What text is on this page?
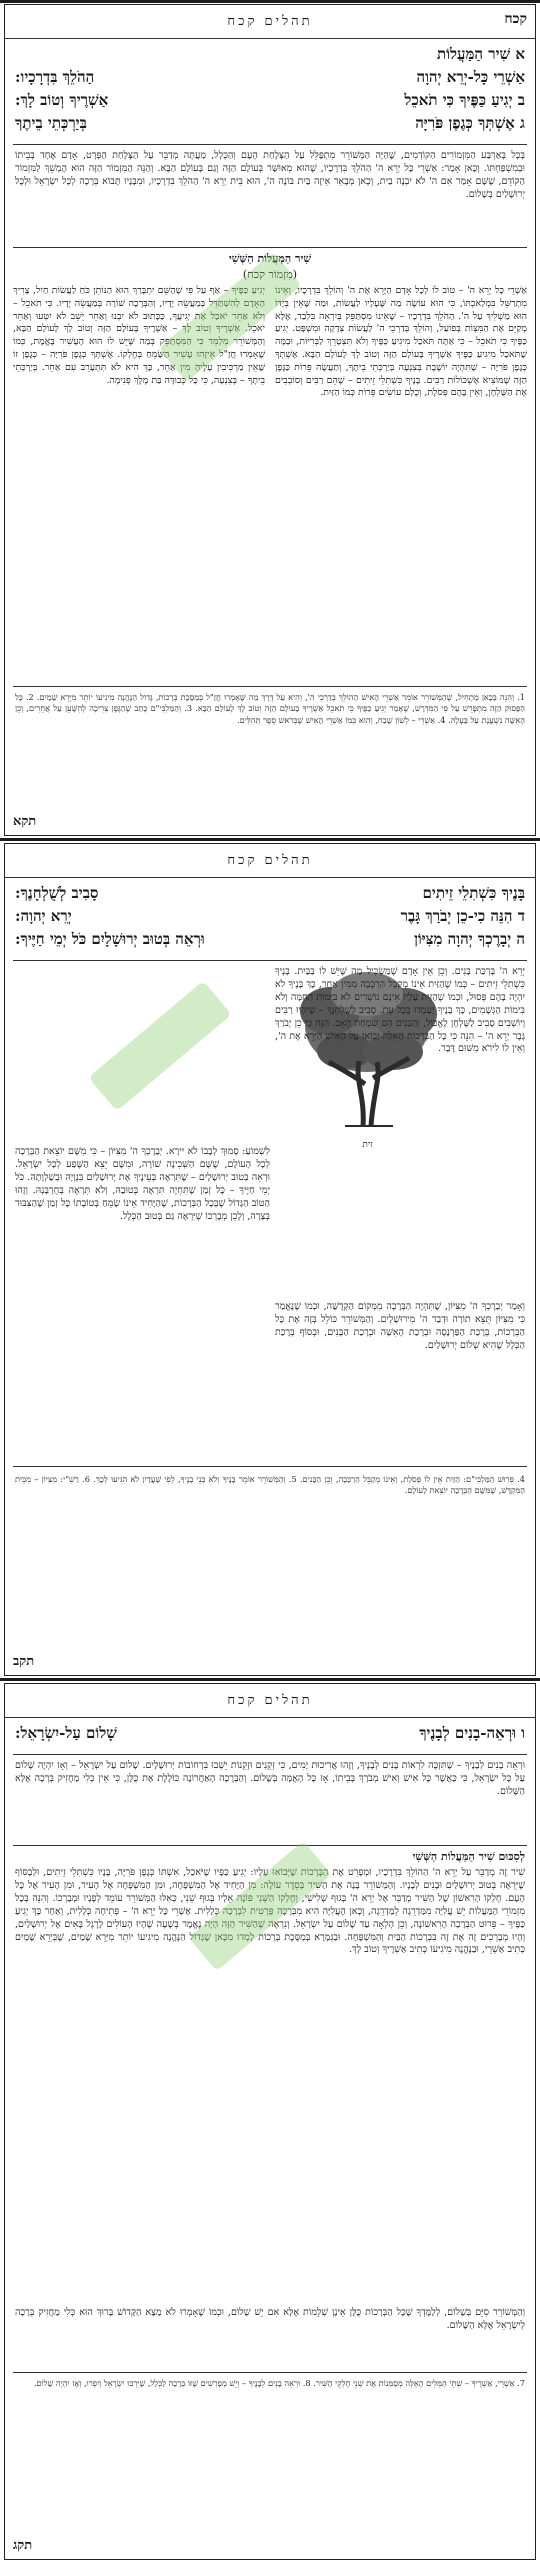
תהלים קכח	קכח
א שִׁיר הַמַּעֲלוֹת
אַשְׁרֵי כָּל-יְרֵא יְהוָה
הַהֹלֵךְ בִּדְרָכָיו:
ב יְגִיעַ כַּפֶּיךָ כִּי תֹאכֵל
אַשְׁרֶיךָ וְטוֹב לָךְ:
ג אֶשְׁתְּךָ כְּגֶפֶן פֹּרִיָּה
בְּיַרְכְּתֵי בֵיתֶךָ
בְּכָל בְּאַרְבַּע הַמִּזְמוֹרִים הַקּוֹדְמִים, שֶׁהַיָּה הַמְּשׁוֹרֵר מִתְפַּלֵּל עַל הַצְּלָחַת הָעָם וְהַכְּלָל, מַעֲתָּה מְדַבֵּר עַל הַצְּלָחַת הַפְּרָט, אָדָם אֶחָד בְּבֵיתוֹ וּבְמִשְׁפַּחְתּוֹ. וְכָּאן אָמַר: אַשְׁרֵי כָּל יְרֵא ה' הַהֹלֵךְ בִּדְרָכָיו, שֶׁהוּא מְאוּשָּׁר בְּעוֹלָם הַזֶּה וְגַם בָּעוֹלָם הַבָּא. וְהַנֵּה הַמִּזְמוֹר הַזֶּה הוּא הֶמְשֵׁךְ לַמִּזְמוֹר הַקּוֹדֵם, שֶׁשָּׁם אָמַר אִם ה' לֹא יִבְנֶה בַיִת, וְכָאן מְבָאֵר אֵיזֶה בַּיִת בּוֹנֶה ה', הוּא בֵּית יְרֵא ה' הַהֹלֵךְ בִּדְרָכָיו, וּמִבָּנָיו תָּבוֹא בְּרָכָה לְכָל יִשְׂרָאֵל וּלְכָל יְרוּשָׁלַיִם בְּשָׁלוֹם.
שִׁיר הַמַּעֲלוֹת הַשְּׁשִׁי
(מִזְמוֹר קכח)
אַשְׁרֵי כָּל יְרֵא ה' – טוֹב לוֹ לְכָל אָדָם הַיָּרֵא אֶת ה' וְהוֹלֵךְ בִּדְרָכָיו, וְאֵינוֹ מִתְרַשֵּׁל בִּמְלַאכְתּוֹ, כִּי הוּא עוֹשֶׂה מַה שֶּׁעָלָיו לַעֲשׂוֹת, וּמַה שֶּׁאֵין בְּיָדוֹ הוּא מַשְׁלִיךְ עַל ה'. הַהֹלֵךְ בִּדְרָכָיו – שֶׁאֵינוֹ מִסְתַּפֵּק בְּיִרְאָה בִּלְבַד, אֶלָּא מְקַיֵּם אֶת הַמִּצְוֹת בְּפוֹעַל, וְהוֹלֵךְ בְּדַרְכֵי ה' לַעֲשׂוֹת צְדָקָה וּמִשְׁפָּט. יְגִיעַ כַּפֶּיךָ כִּי תֹאכֵל – כִּי אַתָּה תֹּאכַל מִיגִיעַ כַּפֶּיךָ וְלֹא תִּצְטָרֵךְ לַבְּרִיּוֹת, וּבַמֶּה שֶׁתֹּאכַל מִיגִיעַ כַּפֶּיךָ אַשְׁרֶיךָ בָּעוֹלָם הַזֶּה וְטוֹב לָךְ לָעוֹלָם הַבָּא. אֶשְׁתְּךָ כְּגֶפֶן פֹּרִיָּה – שֶׁתִּהְיֶה יוֹשֶׁבֶת בְּצִנְעָה בְּיַרְכְּתֵי בֵיתֶךָ, וְתַעֲשֶׂה פֵּרוֹת כַּגֶּפֶן הַזֶּה שֶׁמּוֹצִיא אֶשְׁכּוֹלוֹת רַבִּים. בָּנֶיךָ כִּשְׁתִלֵי זֵיתִים – שֶׁהֵם רַבִּים וְסוֹבְבִים אֶת הַשֻּׁלְחָן, וְאֵין בָּהֶם פְּסֹלֶת, וְכֻלָּם עוֹשִׂים פֵּרוֹת כְּמוֹ הַזַּיִת.
יְגִיעַ כַּפֶּיךָ – אַף עַל פִּי שֶׁהַשֵּׁם יִתְבָּרַךְ הוּא הַנּוֹתֵן כֹּחַ לַעֲשׂוֹת חַיִל, צָרִיךְ הָאָדָם לְהִשְׁתַּדֵּל בְּמַעֲשֵׂה יָדָיו, וְהַבְּרָכָה שׁוֹרָה בְּמַעֲשֵׂה יָדָיו. כִּי תֹאכֵל – וְלֹא אַחֵר יֹאכַל אֶת יְגִיעֲךָ, כַּכָּתוּב לֹא יִבְנוּ וְאַחֵר יֵשֵׁב לֹא יִטְּעוּ וְאַחֵר יֹאכֵל. אַשְׁרֶיךָ וְטוֹב לָךְ – אַשְׁרֶיךָ בָּעוֹלָם הַזֶּה וְטוֹב לָךְ לָעוֹלָם הַבָּא, וְהַמְּשׁוֹרֵר מְלַמֵּד כִּי הַמִּסְתַּפֵּק בְּמַה שֶּׁיֵּשׁ לוֹ הוּא הָעָשִׁיר בֶּאֱמֶת, כְּמוֹ שֶׁאָמְרוּ חֲזַ"ל אֵיזֶהוּ עָשִׁיר הַשָּׂמֵחַ בְּחֶלְקוֹ. אֶשְׁתְּךָ כְּגֶפֶן פֹּרִיָּה – כְּגֶפֶן זוֹ שֶׁאֵין מַרְכִּיבִין עָלֶיהָ מִין אַחֵר, כָּךְ הִיא לֹא תִּתְעָרֵב עִם אַחֵר. בְּיַרְכְּתֵי בֵיתֶךָ – בְּצִנְעָה, כִּי כָּל כְּבוּדָּה בַּת מֶלֶךְ פְּנִימָה.
1. וְהִנֵּה בְּכָאן מַתְחִיל, שֶׁהַמְּשׁוֹרֵר אוֹמֵר אַשְׁרֵי הָאִישׁ הַהוֹלֵךְ בְּדַרְכֵי ה', וְהִיא עַל דֶּרֶךְ מַה שֶּׁאָמְרוּ חֲזַ"ל בְּמַסֶּכֶת בְּרָכוֹת, גָּדוֹל הַנֶּהֱנֶה מִיגִיעוֹ יוֹתֵר מִיְּרֵא שָׁמַיִם. 2. כָּל הַפָּסוּק הַזֶּה מִתְפָּרֵשׁ עַל פִּי הַמִּדְרָשׁ, שֶׁאָמַר יְגִיעַ כַּפֶּיךָ כִּי תֹאכֵל אַשְׁרֶיךָ בָּעוֹלָם הַזֶּה וְטוֹב לָךְ לָעוֹלָם הַבָּא. 3. וְהַמַּלְבִּי"ם כָּתַב שֶׁהַגֶּפֶן צְרִיכָה לְהִשָּׁעֵן עַל אֲחֵרִים, וְכֵן הָאִשָּׁה נִשְׁעֶנֶת עַל בַּעְלָהּ. 4. אַשְׁרֵי – לְשׁוֹן שֶׁבַח, וְהוּא כְּמוֹ אַשְׁרֵי הָאִישׁ שֶׁבְּרֹאשׁ סֵפֶר תְּהִלִּים.
תקא
תהלים קכח
בָּנֶיךָ כִּשְׁתִלֵי זֵיתִים
סָבִיב לְשֻׁלְחָנֶךָ:
ד הִנֵּה כִי-כֵן יְבֹרַךְ גָּבֶר
יְרֵא יְהוָה:
ה יְבָרֶכְךָ יְהוָה מִצִּיּוֹן
וּרְאֵה בְּטוּב יְרוּשָׁלָיִם כֹּל יְמֵי חַיֶּיךָ:
זית
יְרֵא ה' בָּרְכַּת בָּנִים. וְכֵן אֵין אָדָם שֶׁמַּשְׂכִּיל מַה שֶּׁיֵּשׁ לוֹ בַּבַּיִת. בָּנֶיךָ כִּשְׁתִלֵי זֵיתִים – כְּמוֹ שֶׁהַזַּיִת אֵינוֹ מְקַבֵּל הַרְכָּבָה מִמִּין אַחֵר, כָּךְ בָּנֶיךָ לֹא יִהְיֶה בָּהֶם פְּסוּל, וּכְמוֹ שֶׁהַזַּיִת עָלָיו אֵינָם נוֹשְׁרִים לֹא בִּימוֹת הַחַמָּה וְלֹא בִּימוֹת הַגְּשָׁמִים, כָּךְ בָּנֶיךָ יַעַמְדוּ בְּכָל עֵת. סָבִיב לְשֻׁלְחָנֶךָ – שֶׁיִּהְיוּ רַבִּים וְיוֹשְׁבִים סָבִיב לַשֻּׁלְחָן לֶאֱכוֹל, וְהַבָּנִים הֵם שִׂמְחַת הָאָב. הִנֵּה כִי כֵן יְבֹרַךְ גָּבֶר יְרֵא ה' – הִנֵּה כִּי כָּל הַבְּרָכוֹת הָאֵלֶּה יָבוֹאוּ עַל הָאִישׁ הַיָּרֵא אֶת ה', וְאֵין לוֹ לִירֹא מִשּׁוּם דָּבָר.
לִשְׁמוֹעַ: סָמוּךְ לְבָבוֹ לֹא יִירָא. יְבָרֶכְךָ ה' מִצִּיּוֹן – כִּי מִשָּׁם יוֹצֵאת הַבְּרָכָה לְכָל הָעוֹלָם, שֶׁשָּׁם הַשְּׁכִינָה שׁוֹרָה, וּמִשָּׁם יֵצֵא הַשֶּׁפַע לְכָל יִשְׂרָאֵל. וּרְאֵה בְּטוּב יְרוּשָׁלָיִם – שֶׁתִּרְאֶה בְּעֵינֶיךָ אֶת יְרוּשָׁלַיִם בִּנְוָיָהּ וּבְשַׁלְוָתָהּ. כֹּל יְמֵי חַיֶּיךָ – כָּל זְמַן שֶׁתִּחְיֶה תִּרְאֶה בְּטוּבָהּ, וְלֹא תִּרְאֶה בְּחֻרְבָּנָהּ. וְזֶהוּ הַטּוֹב הַגָּדוֹל שֶׁבְּכָל הַבְּרָכוֹת, שֶׁהַיָּחִיד אֵינוֹ שָׂמֵחַ בְּטוֹבָתוֹ כָּל זְמַן שֶׁהַצִּבּוּר בְּצָרָה, וְלָכֵן מְבָרְכוֹ שֶׁיִּרְאֶה גַּם בְּטוּב הַכְּלָל.
וְאָמַר יְבָרֶכְךָ ה' מִצִּיּוֹן, שֶׁתִּהְיֶה הַבְּרָכָה מִמְּקוֹם הַקְּדֻשָּׁה, וּכְמוֹ שֶׁנֶּאֱמַר כִּי מִצִּיּוֹן תֵּצֵא תוֹרָה וּדְבַר ה' מִירוּשָׁלָיִם. וְהַמְּשׁוֹרֵר כּוֹלֵל בְּזֶה אֶת כָּל הַבְּרָכוֹת, בְּרָכַת הַפַּרְנָסָה וּבְרָכַת הָאִשָּׁה וּבְרָכַת הַבָּנִים, וּבְסוֹף בְּרָכַת הַכְּלָל שֶׁהִיא שְׁלוֹם יְרוּשָׁלַיִם.
4. פֵּרוּשׁ הַמַּלְבִּי"ם: הַזַּיִת אֵין לוֹ פְּסֹלֶת, וְאֵינוֹ מְקַבֵּל הַרְכָּבָה, וְכֵן הַבָּנִים. 5. וְהַמְּשׁוֹרֵר אוֹמֵר בָּנֶיךָ וְלֹא בְּנֵי בָנֶיךָ, לְפִי שֶׁעֲדַיִן לֹא הִגִּיעוּ לְכָךְ. 6. רַשִׁ"י: מִצִּיּוֹן – מִבֵּית הַמִּקְדָּשׁ, שֶׁמִּשָּׁם הַבְּרָכָה יוֹצֵאת לָעוֹלָם.
תקב
תהלים קכח
ו וּרְאֵה-בָנִים לְבָנֶיךָ
שָׁלוֹם עַל-יִשְׂרָאֵל:
וּרְאֵה בָנִים לְבָנֶיךָ – שֶׁתִּזְכֶּה לִרְאוֹת בָּנִים לְבָנֶיךָ, וְזֶהוּ אֲרִיכוּת יָמִים, כִּי זְקֵנִים וּזְקֵנוֹת יֵשְׁבוּ בִּרְחוֹבוֹת יְרוּשָׁלָיִם. שָׁלוֹם עַל יִשְׂרָאֵל – וְאָז יִהְיֶה שָׁלוֹם עַל כָּל יִשְׂרָאֵל, כִּי כַּאֲשֶׁר כָּל אִישׁ וְאִישׁ מְבֹרָךְ בְּבֵיתוֹ, אָז כָּל הָאֻמָּה בְּשָׁלוֹם. וְהַבְּרָכָה הָאַחֲרוֹנָה כּוֹלֶלֶת אֶת כֻּלָּן, כִּי אֵין כְּלִי מַחֲזִיק בְּרָכָה אֶלָּא הַשָּׁלוֹם.
לְסִכּוּם שִׁיר הַמַּעֲלוֹת הַשְּׁשִׁי
שִׁיר זֶה מְדַבֵּר עַל יְרֵא ה' הַהוֹלֵךְ בִּדְרָכָיו, וּמְפָרֵט אֶת הַבְּרָכוֹת שֶׁיָּבוֹאוּ עָלָיו: יְגִיעַ כַּפָּיו שֶׁיֹּאכַל, אִשְׁתּוֹ כְּגֶפֶן פֹּרִיָּה, בָּנָיו כִּשְׁתִלֵי זֵיתִים, וּלְבַסּוֹף שֶׁיִּרְאֶה בְּטוּב יְרוּשָׁלַיִם וּבָנִים לְבָנָיו. וְהַמְּשׁוֹרֵר בָּנָה אֶת הַשִּׁיר בְּסֵדֶר עוֹלֶה: מִן הַיָּחִיד אֶל הַמִּשְׁפָּחָה, וּמִן הַמִּשְׁפָּחָה אֶל הָעִיר, וּמִן הָעִיר אֶל כָּל הָעָם. חֶלְקוֹ הָרִאשׁוֹן שֶׁל הַשִּׁיר מְדַבֵּר אֶל יְרֵא ה' בְּגוּף שְׁלִישִׁי, וְחֶלְקוֹ הַשֵּׁנִי פּוֹנֶה אֵלָיו בְּגוּף שֵׁנִי, כְּאִלּוּ הַמְּשׁוֹרֵר עוֹמֵד לְפָנָיו וּמְבָרְכוֹ. וְהִנֵּה בְּכָל מִזְמוֹרֵי הַמַּעֲלוֹת יֵשׁ עֲלִיָּה מִמַּדְרֵגָה לְמַדְרֵגָה, וְכָאן הָעֲלִיָּה הִיא מִבְּרָכָה פְּרָטִית לִבְרָכָה כְּלָלִית. אַשְׁרֵי כָּל יְרֵא ה' – פְּתִיחָה כְּלָלִית, וְאַחַר כָּךְ יְגִיעַ כַּפֶּיךָ – פֵּרוּט הַבְּרָכָה הָרִאשׁוֹנָה, וְכֵן הָלְאָה עַד שָׁלוֹם עַל יִשְׂרָאֵל. וְנִרְאֶה שֶׁהַשִּׁיר הַזֶּה הָיָה נֶאֱמָר בְּשָׁעָה שֶׁהָיוּ הָעוֹלִים לָרֶגֶל בָּאִים אֶל יְרוּשָׁלַיִם, וְהָיוּ מְבָרְכִים זֶה אֶת זֶה בִּבְרָכוֹת הַבַּיִת וְהַמִּשְׁפָּחָה. וּבַגְּמָרָא בְּמַסֶּכֶת בְּרָכוֹת לָמְדוּ מִכָּאן שֶׁגָּדוֹל הַנֶּהֱנֶה מִיגִיעוֹ יוֹתֵר מִיְּרֵא שָׁמַיִם, שֶׁבְּיְרֵא שָׁמַיִם כְּתִיב אַשְׁרֵי, וּבַנֶּהֱנֶה מִיגִיעוֹ כְּתִיב אַשְׁרֶיךָ וְטוֹב לָךְ.
וְהַמְּשׁוֹרֵר סִיֵּם בְּשָׁלוֹם, לְלַמֶּדְךָ שֶׁכָּל הַבְּרָכוֹת כֻּלָּן אֵינָן שְׁלֵמוֹת אֶלָּא אִם יֵשׁ שָׁלוֹם, וּכְמוֹ שֶׁאָמְרוּ לֹא מָצָא הַקָּדוֹשׁ בָּרוּךְ הוּא כְּלִי מַחֲזִיק בְּרָכָה לְיִשְׂרָאֵל אֶלָּא הַשָּׁלוֹם.
7. אַשְׁרֵי, אַשְׁרֶיךָ – שְׁתֵּי הַמִּלִּים הָאֵלֶּה מְסַמְּנוֹת אֶת שְׁנֵי חֶלְקֵי הַשִּׁיר. 8. וּרְאֵה בָנִים לְבָנֶיךָ – וְיֵשׁ מְפָרְשִׁים שֶׁזּוֹ בְּרָכָה לַכְּלָל, שֶׁיִּרְבּוּ יִשְׂרָאֵל וְיִפְרוּ, וְאָז יִהְיֶה שָׁלוֹם.
תקג
